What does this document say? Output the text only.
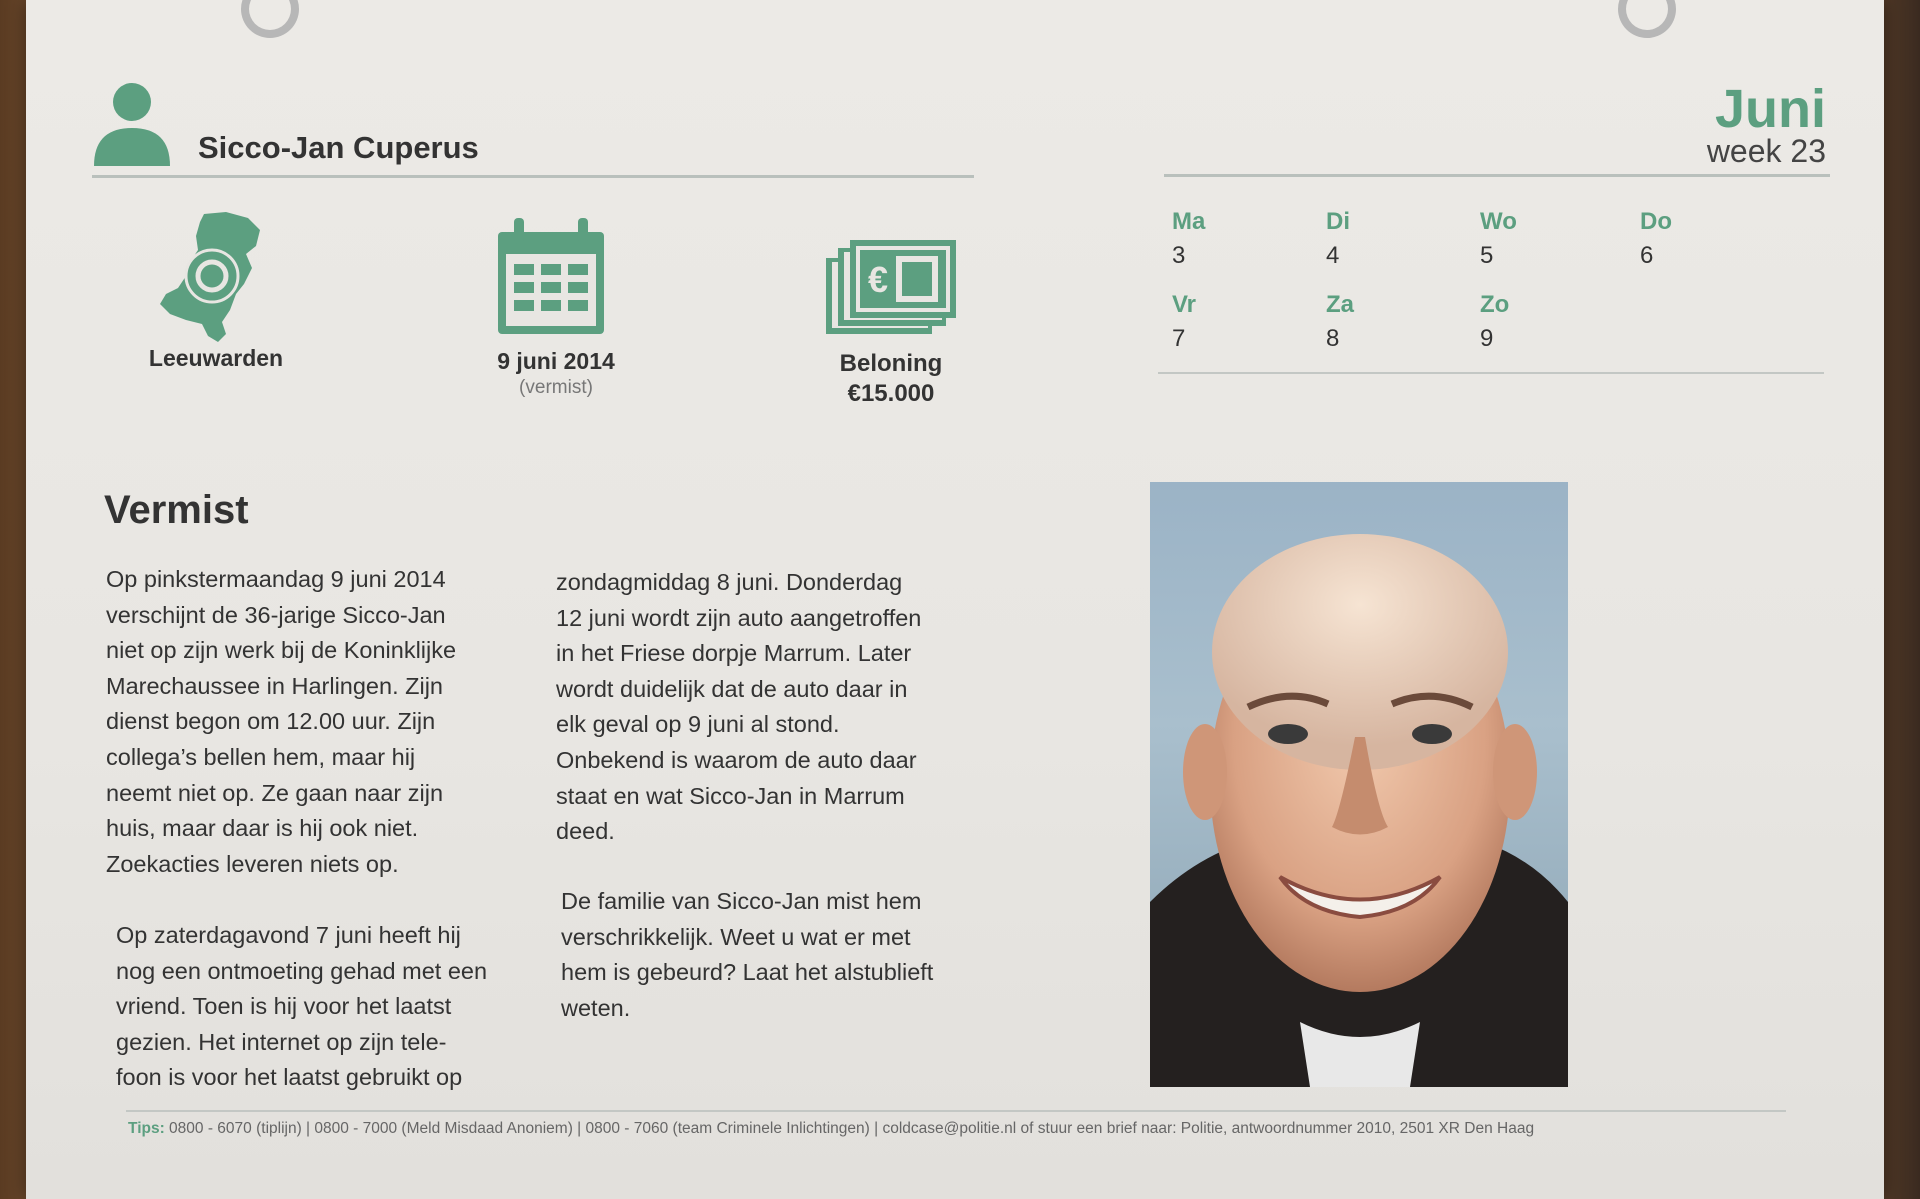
Sicco-Jan Cuperus
Juni
week 23
Ma
3
Di
4
Wo
5
Do
6
Vr
7
Za
8
Zo
9
Leeuwarden	9 juni 2014
(vermist)
€
Beloning
€15.000
Vermist
Op pinkstermaandag 9 juni 2014
verschijnt de 36-jarige Sicco-Jan
niet op zijn werk bij de Koninklijke
Marechaussee in Harlingen. Zijn
dienst begon om 12.00 uur. Zijn
collega’s bellen hem, maar hij
neemt niet op. Ze gaan naar zijn
huis, maar daar is hij ook niet.
Zoekacties leveren niets op.
Op zaterdagavond 7 juni heeft hij
nog een ontmoeting gehad met een
vriend. Toen is hij voor het laatst
gezien. Het internet op zijn tele-
foon is voor het laatst gebruikt op
zondagmiddag 8 juni. Donderdag
12 juni wordt zijn auto aangetroffen
in het Friese dorpje Marrum. Later
wordt duidelijk dat de auto daar in
elk geval op 9 juni al stond.
Onbekend is waarom de auto daar
staat en wat Sicco-Jan in Marrum
deed.
De familie van Sicco-Jan mist hem
verschrikkelijk. Weet u wat er met
hem is gebeurd? Laat het alstublieft
weten.
Tips: 0800 - 6070 (tiplijn) | 0800 - 7000 (Meld Misdaad Anoniem) | 0800 - 7060 (team Criminele Inlichtingen) | coldcase@politie.nl of stuur een brief naar: Politie, antwoordnummer 2010, 2501 XR Den Haag
